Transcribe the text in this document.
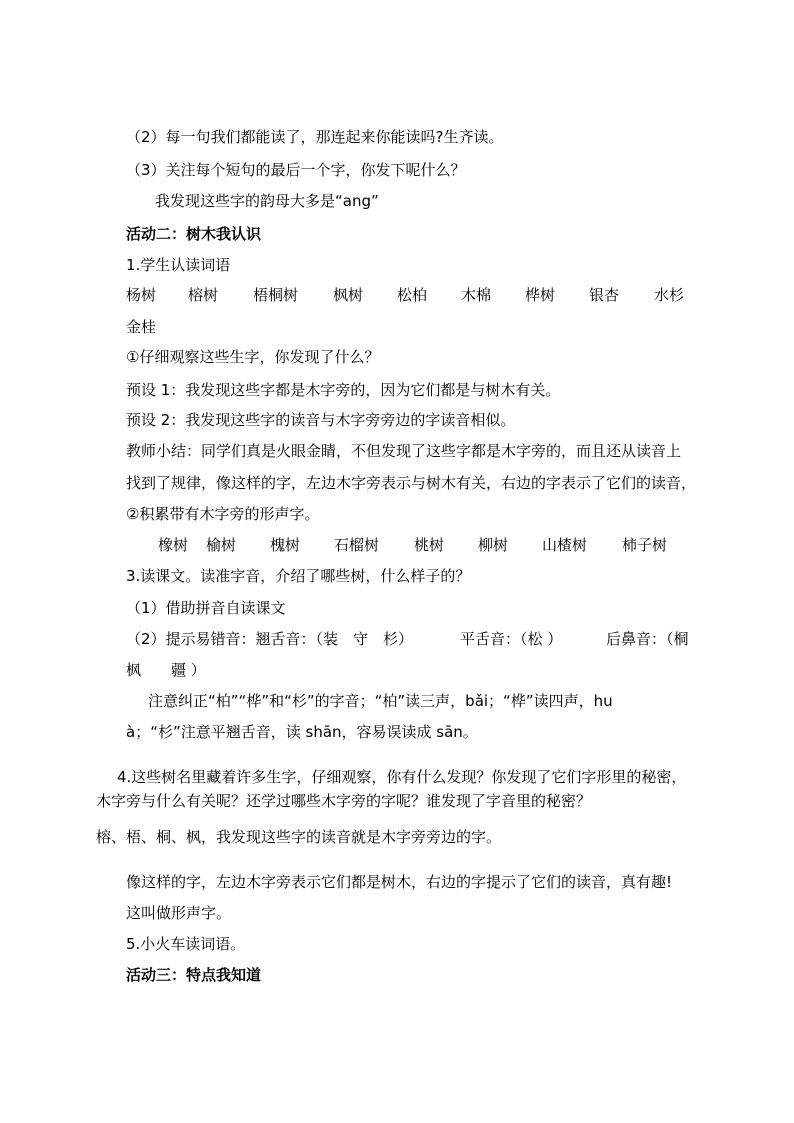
（2）每一句我们都能读了，那连起来你能读吗?生齐读。
（3）关注每个短句的最后一个字，你发下呢什么？
我发现这些字的韵母大多是“ang”
活动二：树木我认识
1.学生认读词语
杨树 榕树 梧桐树 枫树 松柏 木棉 桦树 银杏 水杉
金桂
①仔细观察这些生字，你发现了什么？
预设 1：我发现这些字都是木字旁的，因为它们都是与树木有关。
预设 2：我发现这些字的读音与木字旁旁边的字读音相似。
教师小结：同学们真是火眼金睛，不但发现了这些字都是木字旁的，而且还从读音上
找到了规律，像这样的字，左边木字旁表示与树木有关，右边的字表示了它们的读音，
②积累带有木字旁的形声字。
橡树 榆树 槐树 石榴树 桃树 柳树 山楂树 柿子树
3.读课文。读准字音，介绍了哪些树，什么样子的？
（1）借助拼音自读课文
（2）提示易错音：翘舌音：（装　守　杉）	平舌音：（松 ）	后鼻音：（桐
枫　　疆 ）
注意纠正“柏”“桦”和“杉”的字音；“柏”读三声，bǎi；“桦”读四声，hu
à；“杉”注意平翘舌音，读 shān，容易误读成 sān。
4.这些树名里藏着许多生字，仔细观察，你有什么发现？你发现了它们字形里的秘密，
木字旁与什么有关呢？还学过哪些木字旁的字呢？谁发现了字音里的秘密？
榕、梧、桐、枫，我发现这些字的读音就是木字旁旁边的字。
像这样的字，左边木字旁表示它们都是树木，右边的字提示了它们的读音，真有趣!
这叫做形声字。
5.小火车读词语。
活动三：特点我知道
